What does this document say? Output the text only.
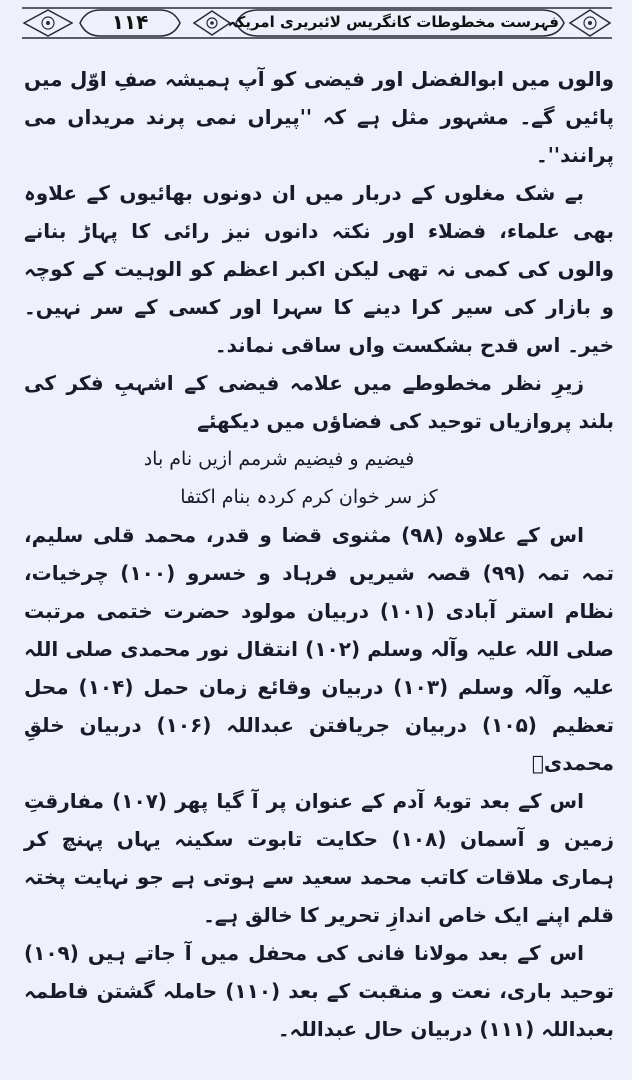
۱۱۴	فہرست مخطوطات کانگریس لائبریری امریکہ

والوں میں ابوالفضل اور فیضی کو آپ ہمیشہ صفِ اوّل میں پائیں گے۔ مشہور مثل ہے کہ ''پیراں نمی پرند مریداں می پرانند''۔

بے شک مغلوں کے دربار میں ان دونوں بھائیوں کے علاوہ بھی علماء، فضلاء اور نکتہ دانوں نیز رائی کا پہاڑ بنانے والوں کی کمی نہ تھی لیکن اکبر اعظم کو الوہیت کے کوچہ و بازار کی سیر کرا دینے کا سہرا اور کسی کے سر نہیں۔ خیر۔ اس قدح بشکست واں ساقی نماند۔

زیرِ نظر مخطوطے میں علامہ فیضی کے اشہبِ فکر کی بلند پروازیاں توحید کی فضاؤں میں دیکھئے

فیضیم و فیضیم شرمم ازیں نام باد
کز سر خوان کرم کردہ بنام اکتفا

اس کے علاوہ (۹۸) مثنوی قضا و قدر، محمد قلی سلیم، تمہ تمہ (۹۹) قصہ شیریں فرہاد و خسرو (۱۰۰) چرخیات، نظام استر آبادی (۱۰۱) دربیان مولود حضرت ختمی مرتبت صلی اللہ علیہ وآلہ وسلم (۱۰۲) انتقال نور محمدی صلی اللہ علیہ وآلہ وسلم (۱۰۳) دربیان وقائع زمان حمل (۱۰۴) محل تعظیم (۱۰۵) دربیان جریافتن عبداللہ (۱۰۶) دربیان خلقِ محمدیؐ

اس کے بعد توبۂ آدم کے عنوان پر آ گیا پھر (۱۰۷) مفارقتِ زمین و آسمان (۱۰۸) حکایت تابوت سکینہ یہاں پہنچ کر ہماری ملاقات کاتب محمد سعید سے ہوتی ہے جو نہایت پختہ قلم اپنے ایک خاص اندازِ تحریر کا خالق ہے۔

اس کے بعد مولانا فانی کی محفل میں آ جاتے ہیں (۱۰۹) توحید باری، نعت و منقبت کے بعد (۱۱۰) حاملہ گشتن فاطمہ بعبداللہ (۱۱۱) دربیان حال عبداللہ۔
